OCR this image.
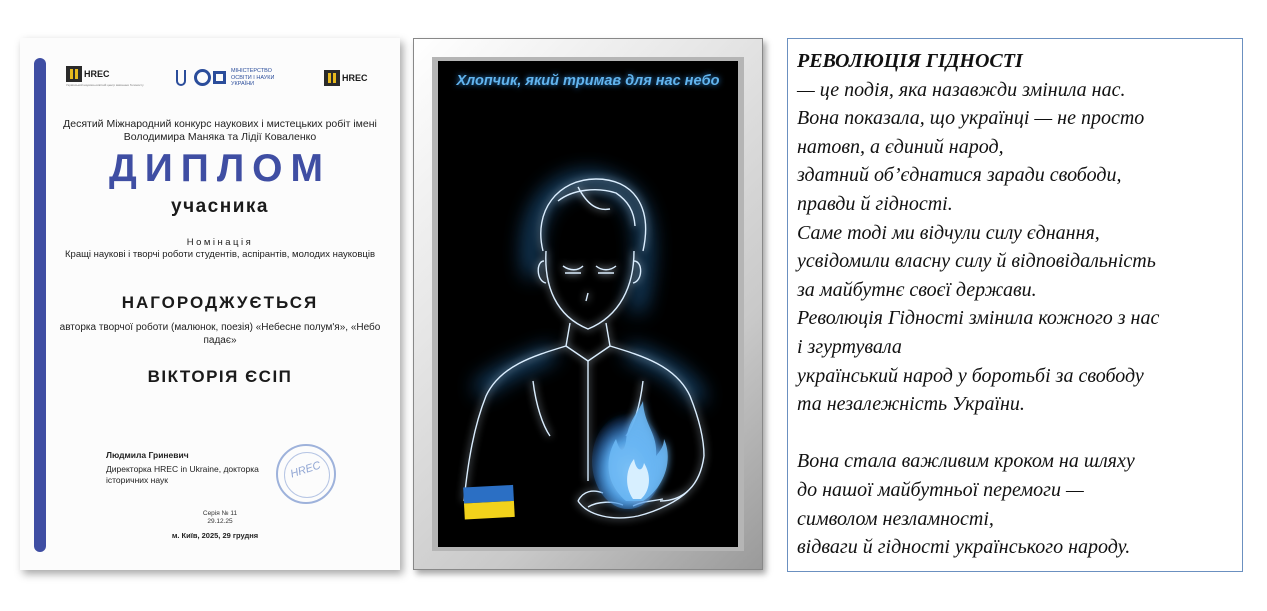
HREC
Український науково-освітній центр вивчення Голокосту
МІНІСТЕРСТВО ОСВІТИ І НАУКИ УКРАЇНИ
HREC
Десятий Міжнародний конкурс наукових і мистецьких робіт імені Володимира Маняка та Лідії Коваленко
ДИПЛОМ
учасника
Номінація
Кращі наукові і творчі роботи студентів, аспірантів, молодих науковців
НАГОРОДЖУЄТЬСЯ
авторка творчої роботи (малюнок, поезія) «Небесне полум'я», «Небо падає»
ВІКТОРІЯ ЄСІП
Людмила Гриневич
Директорка HREC in Ukraine, докторка історичних наук
HREC
Серія № 11
29.12.25
м. Київ, 2025, 29 грудня
Хлопчик, який тримав для нас небо

РЕВОЛЮЦІЯ ГІДНОСТІ

— це подія, яка назавжди змінила нас.

Вона показала, що українці — не просто

натовп, а єдиний народ,

здатний об’єднатися заради свободи,

правди й гідності.

Саме тоді ми відчули силу єднання,

усвідомили власну силу й відповідальність

за майбутнє своєї держави.

Революція Гідності змінила кожного з нас

і згуртувала

український народ у боротьбі за свободу

та незалежність України.

Вона стала важливим кроком на шляху

до нашої майбутньої перемоги —

символом незламності,

відваги й гідності українського народу.
